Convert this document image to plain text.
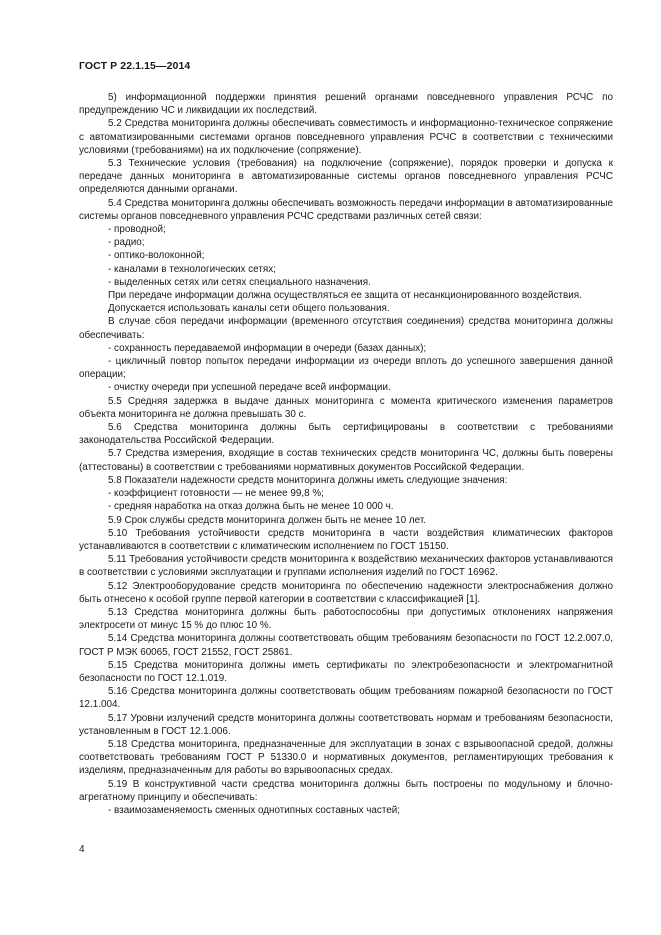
ГОСТ Р 22.1.15—2014

5) информационной поддержки принятия решений органами повседневного управления РСЧС по предупреждению ЧС и ликвидации их последствий.

5.2 Средства мониторинга должны обеспечивать совместимость и информационно-техническое сопряжение с автоматизированными системами органов повседневного управления РСЧС в соответствии с техническими условиями (требованиями) на их подключение (сопряжение).

5.3 Технические условия (требования) на подключение (сопряжение), порядок проверки и допуска к передаче данных мониторинга в автоматизированные системы органов повседневного управления РСЧС определяются данными органами.

5.4 Средства мониторинга должны обеспечивать возможность передачи информации в автоматизированные системы органов повседневного управления РСЧС средствами различных сетей связи:

- проводной;

- радио;

- оптико-волоконной;

- каналами в технологических сетях;

- выделенных сетях или сетях специального назначения.

При передаче информации должна осуществляться ее защита от несанкционированного воздействия.

Допускается использовать каналы сети общего пользования.

В случае сбоя передачи информации (временного отсутствия соединения) средства мониторинга должны обеспечивать:

- сохранность передаваемой информации в очереди (базах данных);

- цикличный повтор попыток передачи информации из очереди вплоть до успешного завершения данной операции;

- очистку очереди при успешной передаче всей информации.

5.5 Средняя задержка в выдаче данных мониторинга с момента критического изменения параметров объекта мониторинга не должна превышать 30 с.

5.6 Средства мониторинга должны быть сертифицированы в соответствии с требованиями законодательства Российской Федерации.

5.7 Средства измерения, входящие в состав технических средств мониторинга ЧС, должны быть поверены (аттестованы) в соответствии с требованиями нормативных документов Российской Федерации.

5.8 Показатели надежности средств мониторинга должны иметь следующие значения:

- коэффициент готовности — не менее 99,8 %;

- средняя наработка на отказ должна быть не менее 10 000 ч.

5.9 Срок службы средств мониторинга должен быть не менее 10 лет.

5.10 Требования устойчивости средств мониторинга в части воздействия климатических факторов устанавливаются в соответствии с климатическим исполнением по ГОСТ 15150.

5.11 Требования устойчивости средств мониторинга к воздействию механических факторов устанавливаются в соответствии с условиями эксплуатации и группами исполнения изделий по ГОСТ 16962.

5.12 Электрооборудование средств мониторинга по обеспечению надежности электроснабжения должно быть отнесено к особой группе первой категории в соответствии с классификацией [1].

5.13 Средства мониторинга должны быть работоспособны при допустимых отклонениях напряжения электросети от минус 15 % до плюс 10 %.

5.14 Средства мониторинга должны соответствовать общим требованиям безопасности по ГОСТ 12.2.007.0, ГОСТ Р МЭК 60065, ГОСТ 21552, ГОСТ 25861.

5.15 Средства мониторинга должны иметь сертификаты по электробезопасности и электромагнитной безопасности по ГОСТ 12.1.019.

5.16 Средства мониторинга должны соответствовать общим требованиям пожарной безопасности по ГОСТ 12.1.004.

5.17 Уровни излучений средств мониторинга должны соответствовать нормам и требованиям безопасности, установленным в ГОСТ 12.1.006.

5.18 Средства мониторинга, предназначенные для эксплуатации в зонах с взрывоопасной средой, должны соответствовать требованиям ГОСТ Р 51330.0 и нормативных документов, регламентирующих требования к изделиям, предназначенным для работы во взрывоопасных средах.

5.19 В конструктивной части средства мониторинга должны быть построены по модульному и блочно-агрегатному принципу и обеспечивать:

- взаимозаменяемость сменных однотипных составных частей;

4
